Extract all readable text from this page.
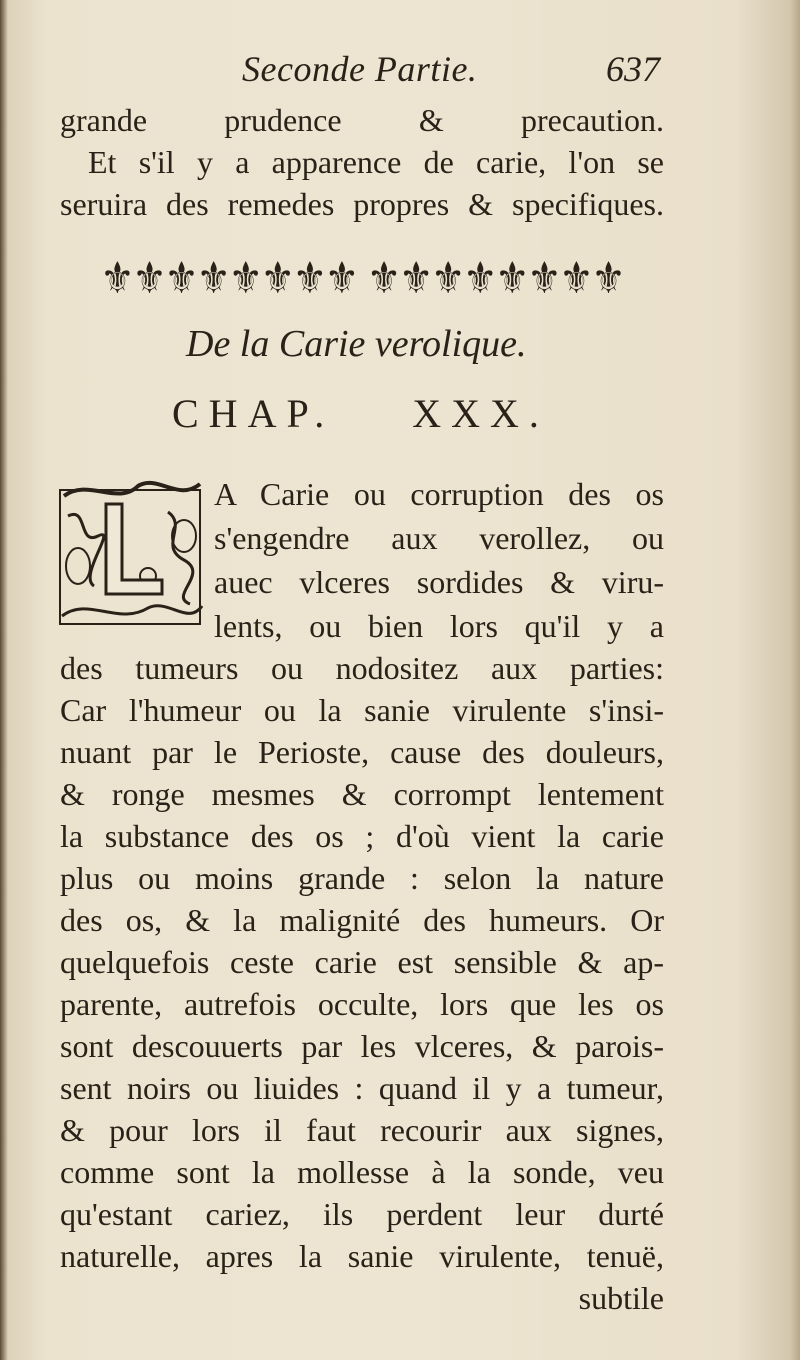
Seconde Partie.	637
grande prudence & precaution.
Et s'il y a apparence de carie, l'on se
seruira des remedes propres & specifiques.
⚜⚜⚜⚜⚜⚜⚜⚜ ⚜⚜⚜⚜⚜⚜⚜⚜
De la Carie verolique.
CHAP. XXX.
A Carie ou corruption des os
s'engendre aux verollez, ou
auec vlceres sordides & viru-
lents, ou bien lors qu'il y a
des tumeurs ou nodositez aux parties:
Car l'humeur ou la sanie virulente s'insi-
nuant par le Perioste, cause des douleurs,
& ronge mesmes & corrompt lentement
la substance des os ; d'où vient la carie
plus ou moins grande : selon la nature
des os, & la malignité des humeurs. Or
quelquefois ceste carie est sensible & ap-
parente, autrefois occulte, lors que les os
sont descouuerts par les vlceres, & parois-
sent noirs ou liuides : quand il y a tumeur,
& pour lors il faut recourir aux signes,
comme sont la mollesse à la sonde, veu
qu'estant cariez, ils perdent leur durté
naturelle, apres la sanie virulente, tenuë,
subtile
